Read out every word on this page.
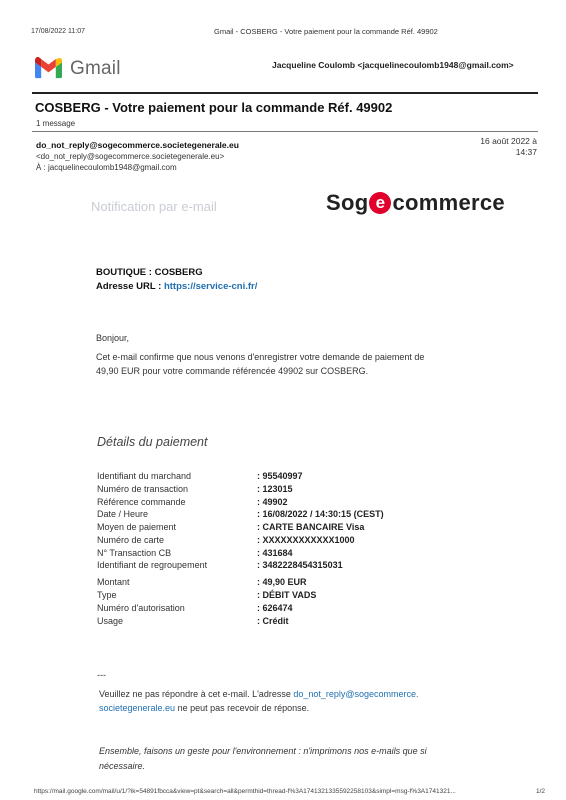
17/08/2022 11:07	Gmail - COSBERG - Votre paiement pour la commande Réf. 49902
Gmail	Jacqueline Coulomb <jacquelinecoulomb1948@gmail.com>
COSBERG - Votre paiement pour la commande Réf. 49902
1 message
do_not_reply@sogecommerce.societegenerale.eu
<do_not_reply@sogecommerce.societegenerale.eu>
À : jacquelinecoulomb1948@gmail.com
16 août 2022 à 14:37
Notification par e-mail	Sog e commerce
BOUTIQUE : COSBERG
Adresse URL : https://service-cni.fr/
Bonjour,
Cet e-mail confirme que nous venons d'enregistrer votre demande de paiement de
49,90 EUR pour votre commande référencée 49902 sur COSBERG.
Détails du paiement
Identifiant du marchand	: 95540997
Numéro de transaction	: 123015
Référence commande	: 49902
Date / Heure	: 16/08/2022 / 14:30:15 (CEST)
Moyen de paiement	: CARTE BANCAIRE Visa
Numéro de carte	: XXXXXXXXXXXX1000
N° Transaction CB	: 431684
Identifiant de regroupement	: 3482228454315031
Montant	: 49,90 EUR
Type	: DÉBIT VADS
Numéro d'autorisation	: 626474
Usage	: Crédit
---
Veuillez ne pas répondre à cet e-mail. L'adresse do_not_reply@sogecommerce.
societegenerale.eu ne peut pas recevoir de réponse.
Ensemble, faisons un geste pour l'environnement : n'imprimons nos e-mails que si
nécessaire.
https://mail.google.com/mail/u/1/?ik=54891fbcca&view=pt&search=all&permthid=thread-f%3A1741321335592258103&simpl=msg-f%3A1741321...	1/2
